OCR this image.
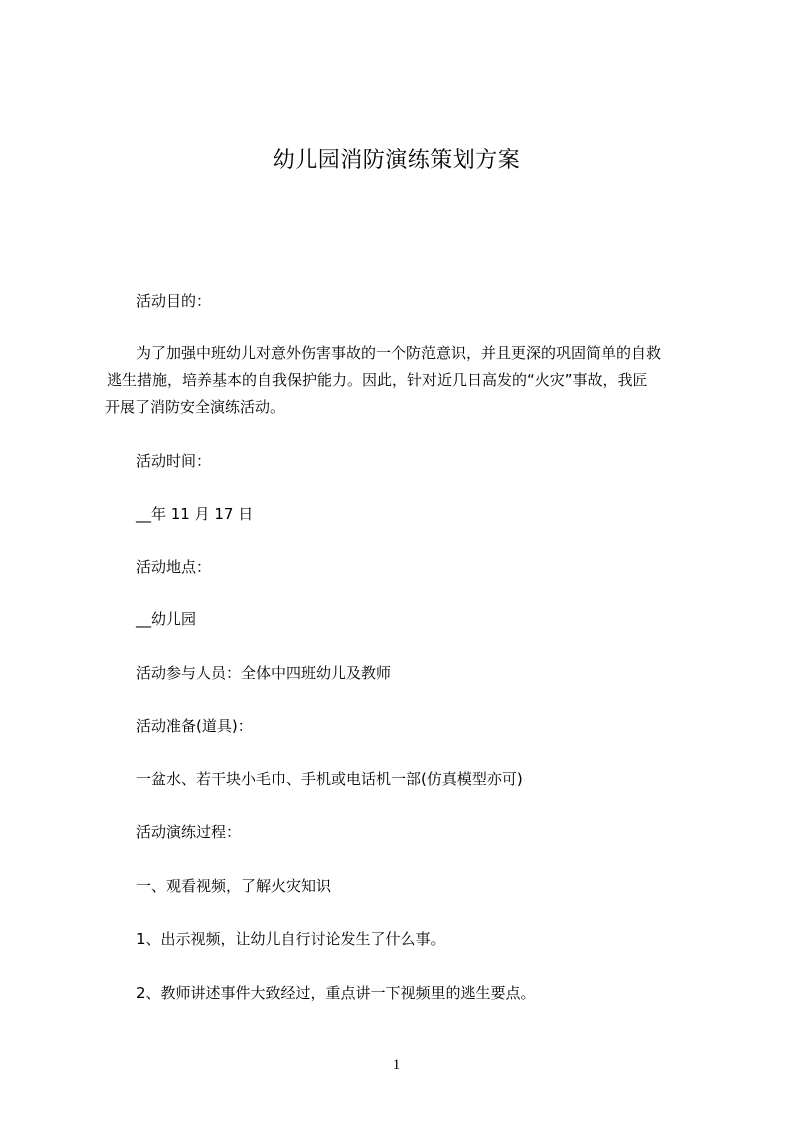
幼儿园消防演练策划方案
活动目的：
为了加强中班幼儿对意外伤害事故的一个防范意识，并且更深的巩固简单的自救
逃生措施，培养基本的自我保护能力。因此，针对近几日高发的“火灾”事故，我匠
开展了消防安全演练活动。
活动时间：
__年 11 月 17 日
活动地点：
__幼儿园
活动参与人员：全体中四班幼儿及教师
活动准备(道具)：
一盆水、若干块小毛巾、手机或电话机一部(仿真模型亦可)
活动演练过程：
一、观看视频，了解火灾知识
1、出示视频，让幼儿自行讨论发生了什么事。
2、教师讲述事件大致经过，重点讲一下视频里的逃生要点。
1
